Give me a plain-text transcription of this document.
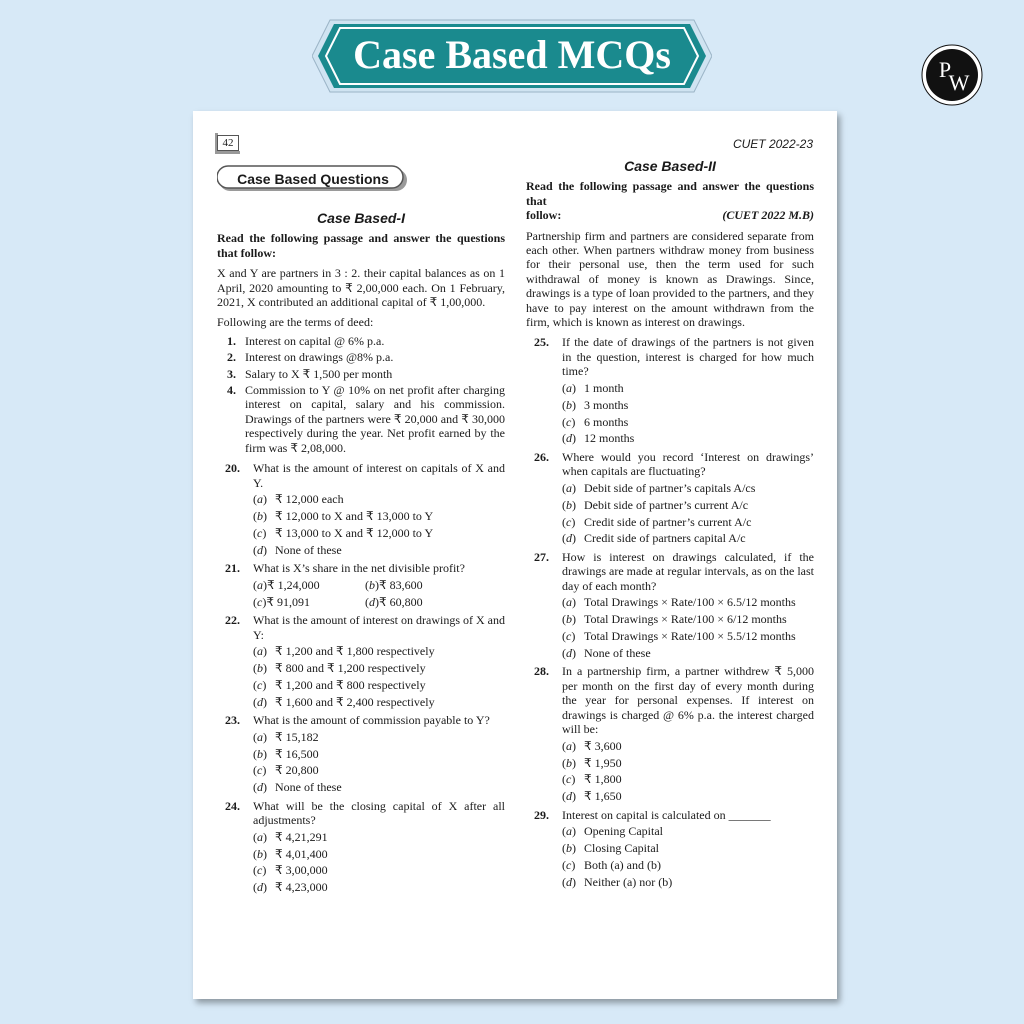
Case Based MCQs	P
W
42	CUET 2022-23
Case Based Questions
Case Based-I
Read the following passage and answer the questions that follow:

X and Y are partners in 3 : 2. their capital balances as on 1 April, 2020 amounting to ₹ 2,00,000 each. On 1 February, 2021, X contributed an additional capital of ₹ 1,00,000.

Following are the terms of deed:
1. Interest on capital @ 6% p.a.
2. Interest on drawings @8% p.a.
3. Salary to X ₹ 1,500 per month
4. Commission to Y @ 10% on net profit after charging interest on capital, salary and his commission. Drawings of the partners were ₹ 20,000 and ₹ 30,000 respectively during the year. Net profit earned by the firm was ₹ 2,08,000.
20.	What is the amount of interest on capitals of X and Y.
(a) ₹ 12,000 each
(b) ₹ 12,000 to X and ₹ 13,000 to Y
(c) ₹ 13,000 to X and ₹ 12,000 to Y
(d) None of these
21.	What is X’s share in the net divisible profit?
(a) ₹ 1,24,000	(b) ₹ 83,600
(c) ₹ 91,091	(d) ₹ 60,800
22.	What is the amount of interest on drawings of X and Y:
(a) ₹ 1,200 and ₹ 1,800 respectively
(b) ₹ 800 and ₹ 1,200 respectively
(c) ₹ 1,200 and ₹ 800 respectively
(d) ₹ 1,600 and ₹ 2,400 respectively
23.	What is the amount of commission payable to Y?
(a) ₹ 15,182
(b) ₹ 16,500
(c) ₹ 20,800
(d) None of these
24.	What will be the closing capital of X after all adjustments?
(a) ₹ 4,21,291
(b) ₹ 4,01,400
(c) ₹ 3,00,000
(d) ₹ 4,23,000
Case Based-II
Read the following passage and answer the questions that
follow:	(CUET 2022 M.B)

Partnership firm and partners are considered separate from each other. When partners withdraw money from business for their personal use, then the term used for such withdrawal of money is known as Drawings. Since, drawings is a type of loan provided to the partners, and they have to pay interest on the amount withdrawn from the firm, which is known as interest on drawings.

25.	If the date of drawings of the partners is not given in the question, interest is charged for how much time?
(a) 1 month
(b) 3 months
(c) 6 months
(d) 12 months
26.	Where would you record ‘Interest on drawings’ when capitals are fluctuating?
(a) Debit side of partner’s capitals A/cs
(b) Debit side of partner’s current A/c
(c) Credit side of partner’s current A/c
(d) Credit side of partners capital A/c
27.	How is interest on drawings calculated, if the drawings are made at regular intervals, as on the last day of each month?
(a) Total Drawings × Rate/100 × 6.5/12 months
(b) Total Drawings × Rate/100 × 6/12 months
(c) Total Drawings × Rate/100 × 5.5/12 months
(d) None of these
28.	In a partnership firm, a partner withdrew ₹ 5,000 per month on the first day of every month during the year for personal expenses. If interest on drawings is charged @ 6% p.a. the interest charged will be:
(a) ₹ 3,600
(b) ₹ 1,950
(c) ₹ 1,800
(d) ₹ 1,650
29.	Interest on capital is calculated on _______
(a) Opening Capital
(b) Closing Capital
(c) Both (a) and (b)
(d) Neither (a) nor (b)
